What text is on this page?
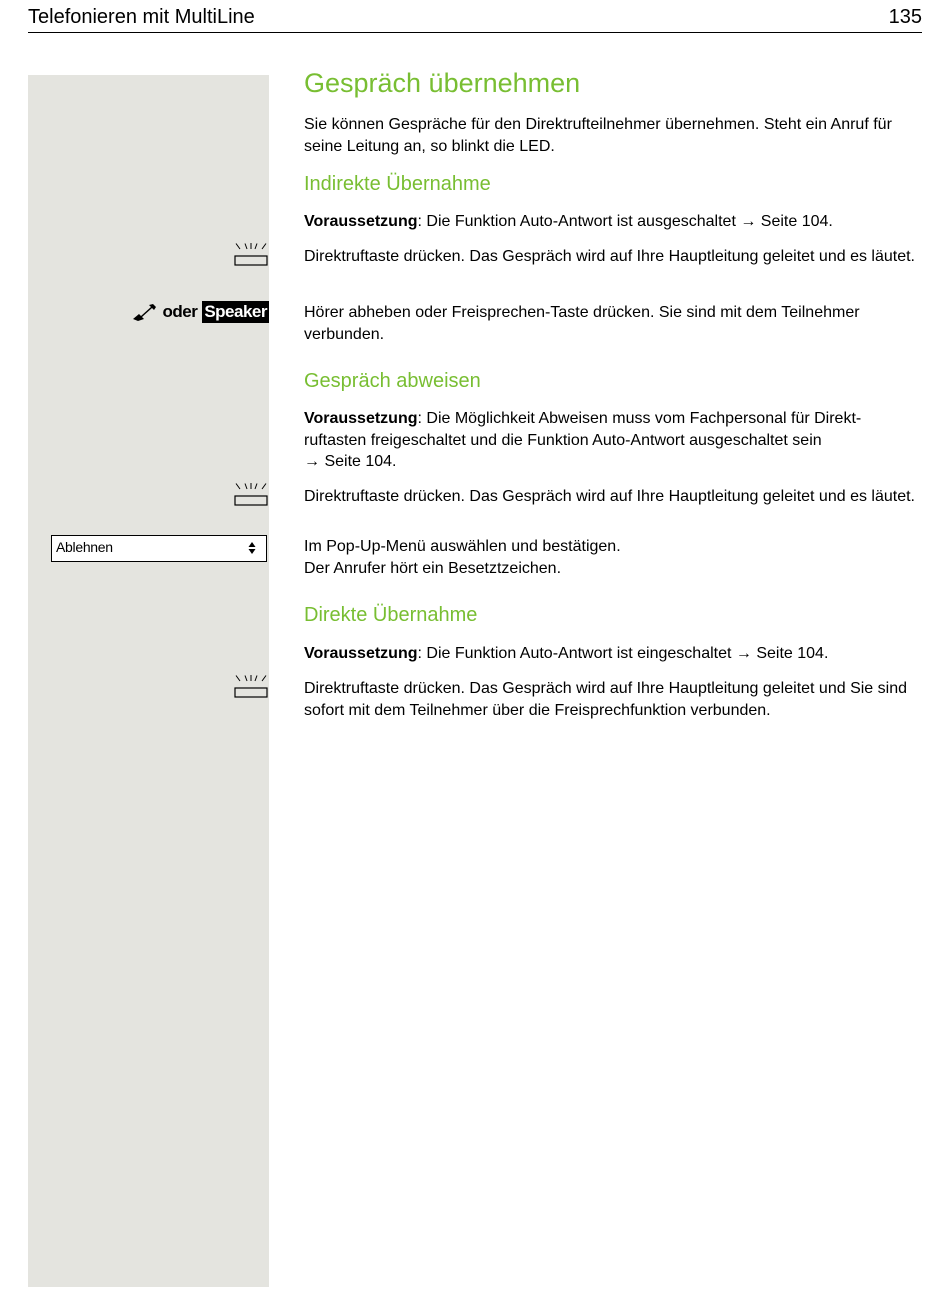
Telefonieren mit MultiLine	135
oder Speaker
Ablehnen
Gespräch übernehmen
Sie können Gespräche für den Direktrufteilnehmer übernehmen. Steht ein Anruf für seine Leitung an, so blinkt die LED.
Indirekte Übernahme
Voraussetzung: Die Funktion Auto-Antwort ist ausgeschaltet → Seite 104.
Direktruftaste drücken. Das Gespräch wird auf Ihre Hauptleitung geleitet und es läutet.
Hörer abheben oder Freisprechen-Taste drücken. Sie sind mit dem Teilnehmer verbunden.
Gespräch abweisen
Voraussetzung: Die Möglichkeit Abweisen muss vom Fachpersonal für Direkt-
ruftasten freigeschaltet und die Funktion Auto-Antwort ausgeschaltet sein
→ Seite 104.
Direktruftaste drücken. Das Gespräch wird auf Ihre Hauptleitung geleitet und es läutet.
Im Pop-Up-Menü auswählen und bestätigen.
Der Anrufer hört ein Besetztzeichen.
Direkte Übernahme
Voraussetzung: Die Funktion Auto-Antwort ist eingeschaltet → Seite 104.
Direktruftaste drücken. Das Gespräch wird auf Ihre Hauptleitung geleitet und Sie sind sofort mit dem Teilnehmer über die Freisprechfunktion verbunden.
